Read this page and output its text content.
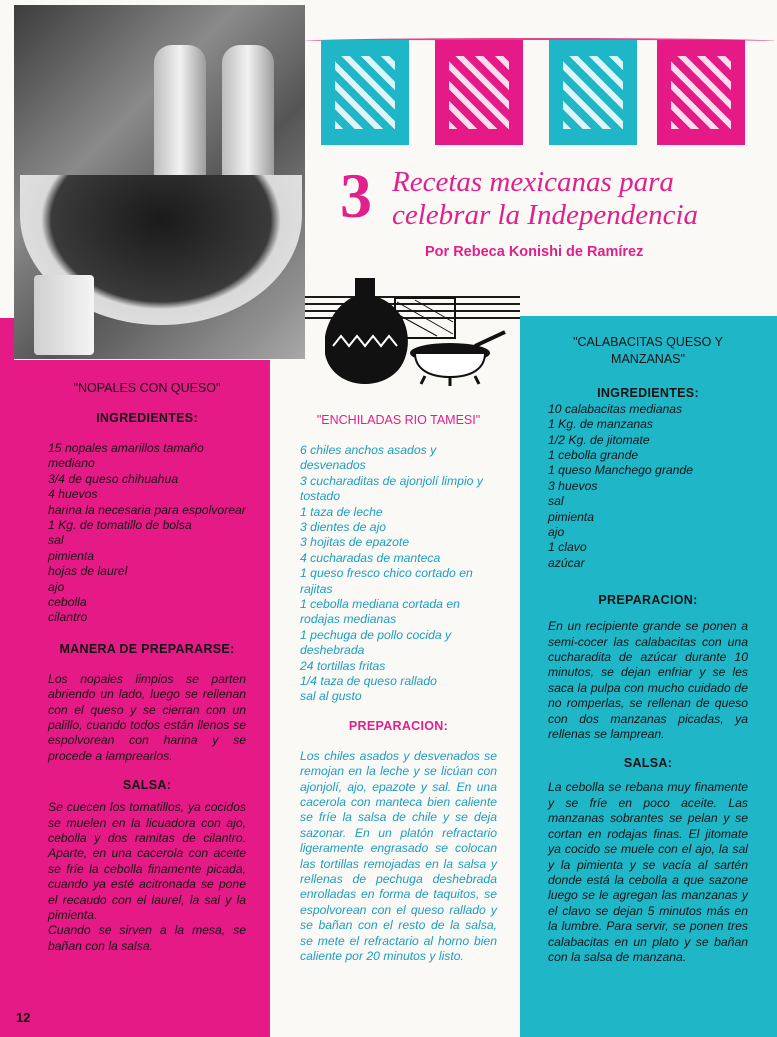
3 Recetas mexicanas para
celebrar la Independencia
Por Rebeca Konishi de Ramírez

"NOPALES CON QUESO"

INGREDIENTES:

15 nopales amarillos tamaño mediano
3/4 de queso chihuahua
4 huevos
harina la necesaria para espolvorear
1 Kg. de tomatillo de bolsa
sal
pimienta
hojas de laurel
ajo
cebolla
cilantro

MANERA DE PREPARARSE:

Los nopales limpios se parten abriendo un lado, luego se rellenan con el queso y se cierran con un palillo, cuando todos están llenos se espolvorean con harina y se procede a lamprearlos.

SALSA:

Se cuecen los tomatillos, ya cocidos se muelen en la licuadora con ajo, cebolla y dos ramitas de cilantro. Aparte, en una cacerola con aceite se fríe la cebolla finamente picada, cuando ya esté acitronada se pone el recaudo con el laurel, la sal y la pimienta.

Cuando se sirven a la mesa, se bañan con la salsa.

"ENCHILADAS RIO TAMESI"

6 chiles anchos asados y desvenados
3 cucharaditas de ajonjolí limpio y tostado
1 taza de leche
3 dientes de ajo
3 hojitas de epazote
4 cucharadas de manteca
1 queso fresco chico cortado en rajitas
1 cebolla mediana cortada en rodajas medianas
1 pechuga de pollo cocida y deshebrada
24 tortillas fritas
1/4 taza de queso rallado
sal al gusto

PREPARACION:

Los chiles asados y desvenados se remojan en la leche y se licúan con ajonjolí, ajo, epazote y sal. En una cacerola con manteca bien caliente se fríe la salsa de chile y se deja sazonar. En un platón refractario ligeramente engrasado se colocan las tortillas remojadas en la salsa y rellenas de pechuga deshebrada enrolladas en forma de taquitos, se espolvorean con el queso rallado y se bañan con el resto de la salsa, se mete el refractario al horno bien caliente por 20 minutos y listo.

"CALABACITAS QUESO Y MANZANAS"

INGREDIENTES:

10 calabacitas medianas
1 Kg. de manzanas
1/2 Kg. de jitomate
1 cebolla grande
1 queso Manchego grande
3 huevos
sal
pimienta
ajo
1 clavo
azúcar

PREPARACION:

En un recipiente grande se ponen a semi-cocer las calabacitas con una cucharadita de azúcar durante 10 minutos, se dejan enfriar y se les saca la pulpa con mucho cuidado de no romperlas, se rellenan de queso con dos manzanas picadas, ya rellenas se lamprean.

SALSA:

La cebolla se rebana muy finamente y se fríe en poco aceite. Las manzanas sobrantes se pelan y se cortan en rodajas finas. El jitomate ya cocido se muele con el ajo, la sal y la pimienta y se vacía al sartén donde está la cebolla a que sazone luego se le agregan las manzanas y el clavo se dejan 5 minutos más en la lumbre. Para servir, se ponen tres calabacitas en un plato y se bañan con la salsa de manzana.

12
